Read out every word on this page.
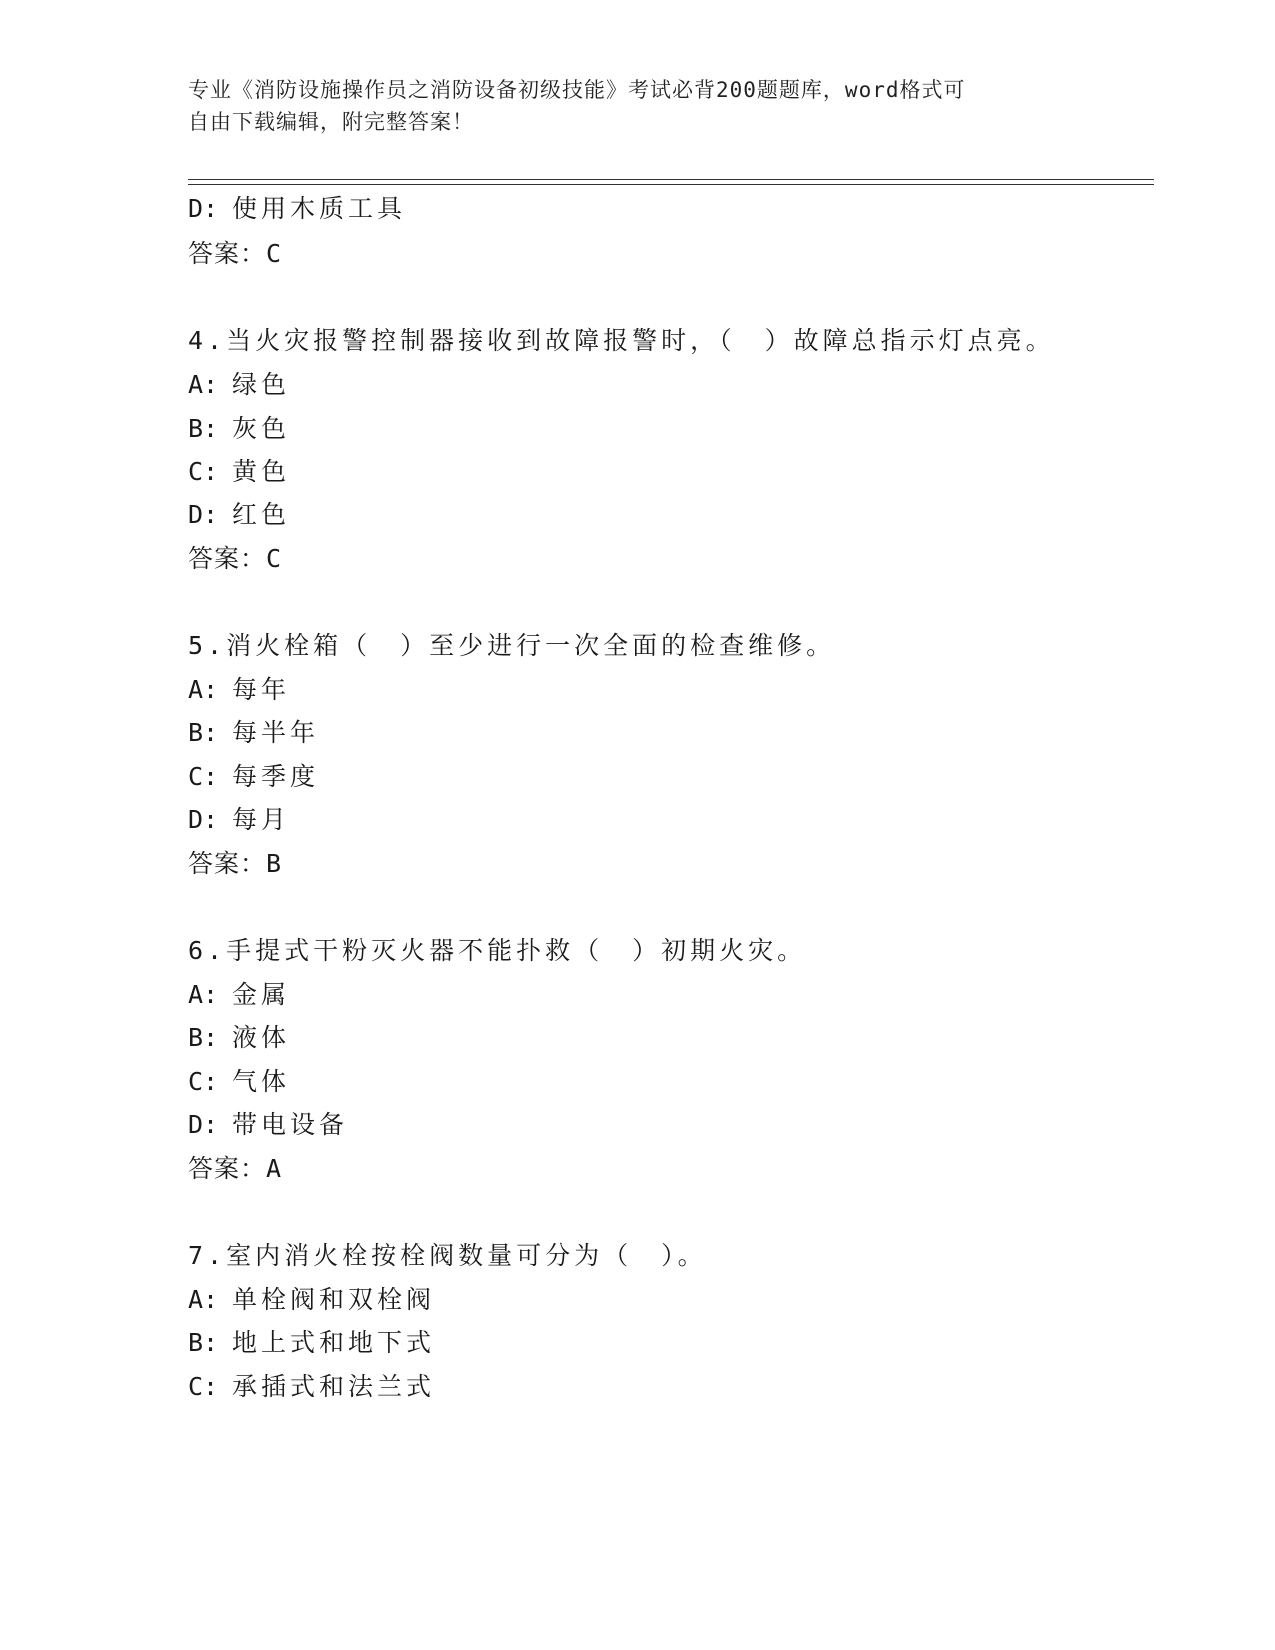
专业《消防设施操作员之消防设备初级技能》考试必背200题题库，word格式可
自由下载编辑，附完整答案！
D: 使用木质工具
答案：C
4.当火灾报警控制器接收到故障报警时，（　）故障总指示灯点亮。
A: 绿色
B: 灰色
C: 黄色
D: 红色
答案：C
5.消火栓箱（　）至少进行一次全面的检查维修。
A: 每年
B: 每半年
C: 每季度
D: 每月
答案：B
6.手提式干粉灭火器不能扑救（　）初期火灾。
A: 金属
B: 液体
C: 气体
D: 带电设备
答案：A
7.室内消火栓按栓阀数量可分为（　）。
A: 单栓阀和双栓阀
B: 地上式和地下式
C: 承插式和法兰式
